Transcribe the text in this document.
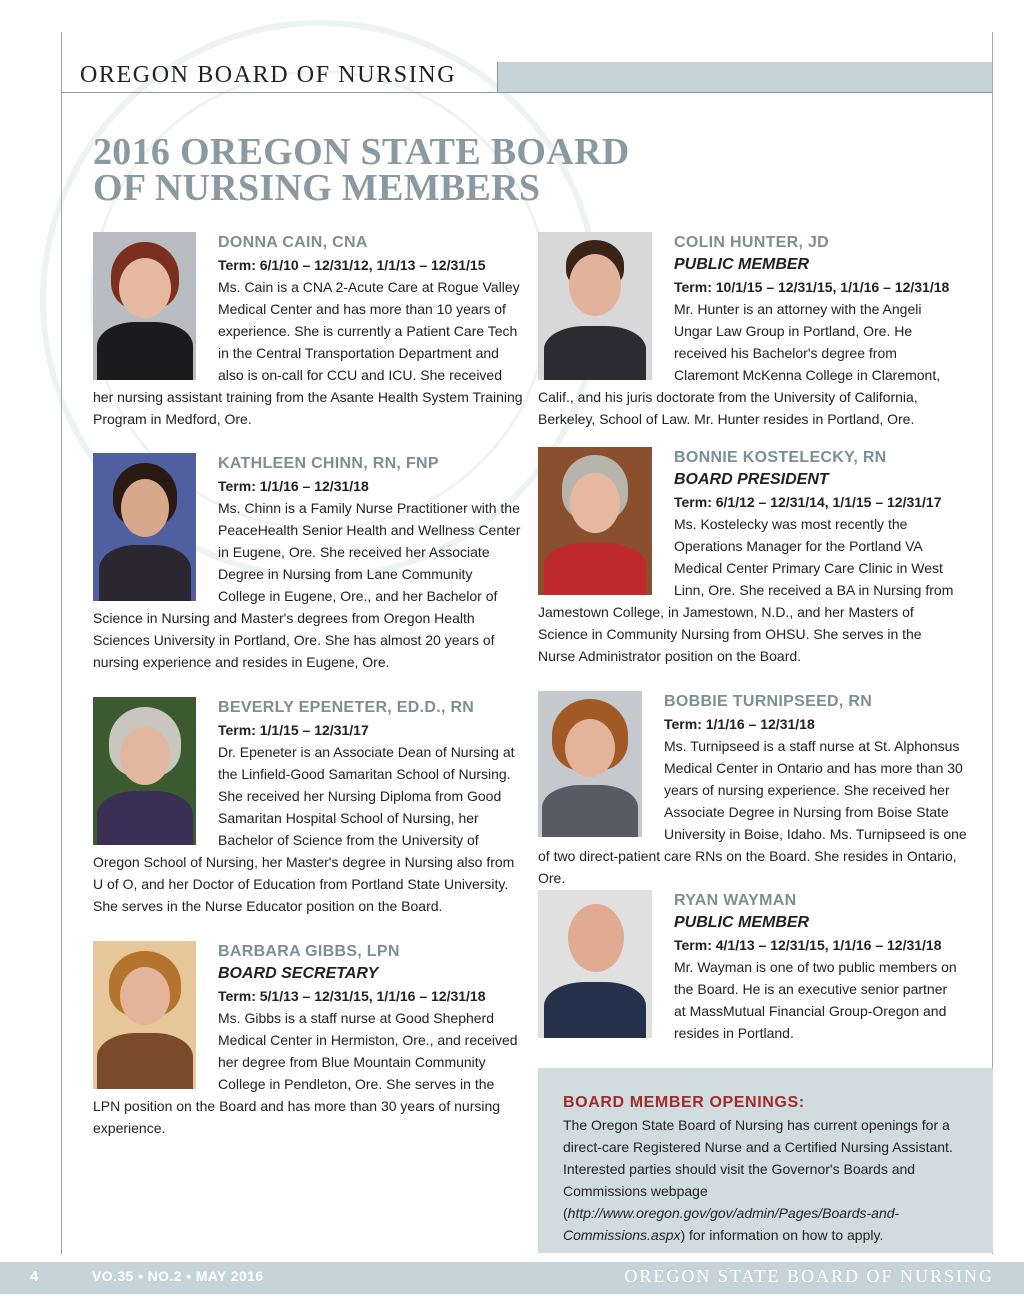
OREGON BOARD OF NURSING
2016 OREGON STATE BOARD
OF NURSING MEMBERS
DONNA CAIN, CNA
Term: 6/1/10 – 12/31/12, 1/1/13 – 12/31/15
Ms. Cain is a CNA 2-Acute Care at Rogue Valley Medical Center and has more than 10 years of experience. She is currently a Patient Care Tech in the Central Transportation Department and also is on-call for CCU and ICU. She received her nursing assistant training from the Asante Health System Training Program in Medford, Ore.
KATHLEEN CHINN, RN, FNP
Term: 1/1/16 – 12/31/18
Ms. Chinn is a Family Nurse Practitioner with the PeaceHealth Senior Health and Wellness Center in Eugene, Ore. She received her Associate Degree in Nursing from Lane Community College in Eugene, Ore., and her Bachelor of Science in Nursing and Master's degrees from Oregon Health Sciences University in Portland, Ore. She has almost 20 years of nursing experience and resides in Eugene, Ore.
BEVERLY EPENETER, ED.D., RN
Term: 1/1/15 – 12/31/17
Dr. Epeneter is an Associate Dean of Nursing at the Linfield-Good Samaritan School of Nursing. She received her Nursing Diploma from Good Samaritan Hospital School of Nursing, her Bachelor of Science from the University of Oregon School of Nursing, her Master's degree in Nursing also from U of O, and her Doctor of Education from Portland State University. She serves in the Nurse Educator position on the Board.
BARBARA GIBBS, LPN
BOARD SECRETARY
Term: 5/1/13 – 12/31/15, 1/1/16 – 12/31/18
Ms. Gibbs is a staff nurse at Good Shepherd Medical Center in Hermiston, Ore., and received her degree from Blue Mountain Community College in Pendleton, Ore. She serves in the LPN position on the Board and has more than 30 years of nursing experience.
COLIN HUNTER, JD
PUBLIC MEMBER
Term: 10/1/15 – 12/31/15, 1/1/16 – 12/31/18
Mr. Hunter is an attorney with the Angeli Ungar Law Group in Portland, Ore. He received his Bachelor's degree from Claremont McKenna College in Claremont, Calif., and his juris doctorate from the University of California, Berkeley, School of Law. Mr. Hunter resides in Portland, Ore.
BONNIE KOSTELECKY, RN
BOARD PRESIDENT
Term: 6/1/12 – 12/31/14, 1/1/15 – 12/31/17
Ms. Kostelecky was most recently the Operations Manager for the Portland VA Medical Center Primary Care Clinic in West Linn, Ore. She received a BA in Nursing from Jamestown College, in Jamestown, N.D., and her Masters of Science in Community Nursing from OHSU. She serves in the Nurse Administrator position on the Board.
BOBBIE TURNIPSEED, RN
Term: 1/1/16 – 12/31/18
Ms. Turnipseed is a staff nurse at St. Alphonsus Medical Center in Ontario and has more than 30 years of nursing experience. She received her Associate Degree in Nursing from Boise State University in Boise, Idaho. Ms. Turnipseed is one of two direct-patient care RNs on the Board. She resides in Ontario, Ore.
RYAN WAYMAN
PUBLIC MEMBER
Term: 4/1/13 – 12/31/15, 1/1/16 – 12/31/18
Mr. Wayman is one of two public members on the Board. He is an executive senior partner at MassMutual Financial Group-Oregon and resides in Portland.
BOARD MEMBER OPENINGS:
The Oregon State Board of Nursing has current openings for a direct-care Registered Nurse and a Certified Nursing Assistant. Interested parties should visit the Governor's Boards and Commissions webpage (http://www.oregon.gov/gov/admin/Pages/Boards-and-Commissions.aspx) for information on how to apply.
4	VO.35 • NO.2 • MAY 2016	OREGON STATE BOARD OF NURSING
